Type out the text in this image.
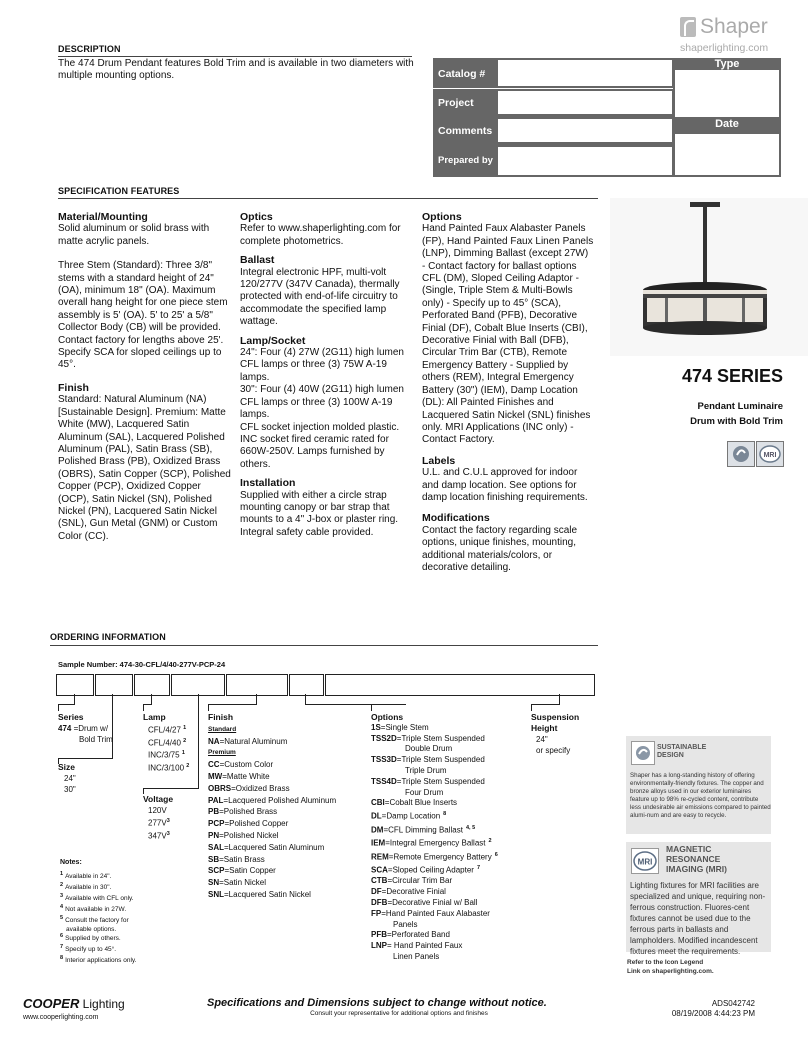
Shaper
shaperlighting.com
DESCRIPTION
The 474 Drum Pendant features Bold Trim and is available in two diameters with multiple mounting options.	Catalog #
Project
Comments
Prepared by
Type
Date
SPECIFICATION FEATURES
Material/Mounting

Solid aluminum or solid brass with matte acrylic panels.

Three Stem (Standard): Three 3/8" stems with a standard height of 24" (OA), minimum 18" (OA). Maximum overall hang height for one piece stem assembly is 5' (OA). 5' to 25' a 5/8" Collector Body (CB) will be provided. Contact factory for lengths above 25'. Specify SCA for sloped ceilings up to 45°.

Finish

Standard: Natural Aluminum (NA) [Sustainable Design]. Premium: Matte White (MW), Lacquered Satin Aluminum (SAL), Lacquered Polished Aluminum (PAL), Satin Brass (SB), Polished Brass (PB), Oxidized Brass (OBRS), Satin Copper (SCP), Polished Copper (PCP), Oxidized Copper (OCP), Satin Nickel (SN), Polished Nickel (PN), Lacquered Satin Nickel (SNL), Gun Metal (GNM) or Custom Color (CC).

Optics
Refer to www.shaperlighting.com for complete photometrics.
Ballast
Integral electronic HPF, multi-volt 120/277V (347V Canada), thermally protected with end-of-life circuitry to accommodate the specified lamp wattage.
Lamp/Socket
24": Four (4) 27W (2G11) high lumen CFL lamps or three (3) 75W A-19 lamps.
30": Four (4) 40W (2G11) high lumen CFL lamps or three (3) 100W A-19 lamps.
CFL socket injection molded plastic. INC socket fired ceramic rated for 660W-250V. Lamps furnished by others.
Installation
Supplied with either a circle strap mounting canopy or bar strap that mounts to a 4" J-box or plaster ring. Integral safety cable provided.
Options
Hand Painted Faux Alabaster Panels (FP), Hand Painted Faux Linen Panels (LNP), Dimming Ballast (except 27W) - Contact factory for ballast options CFL (DM), Sloped Ceiling Adaptor - (Single, Triple Stem & Multi-Bowls only) - Specify up to 45° (SCA), Perforated Band (PFB), Decorative Finial (DF), Cobalt Blue Inserts (CBI), Decorative Finial with Ball (DFB), Circular Trim Bar (CTB), Remote Emergency Battery - Supplied by others (REM), Integral Emergency Battery (30") (IEM), Damp Location (DL): All Painted Finishes and Lacquered Satin Nickel (SNL) finishes only. MRI Applications (INC only) - Contact Factory.
Labels
U.L. and C.U.L approved for indoor and damp location. See options for damp location finishing requirements.
Modifications
Contact the factory regarding scale options, unique finishes, mounting, additional materials/colors, or decorative detailing.
474 SERIES
Pendant Luminaire
Drum with Bold Trim
MRI
ORDERING INFORMATION
Sample Number: 474-30-CFL/4/40-277V-PCP-24
Series
474 =Drum w/
Bold Trim
Size
24"
30"
Lamp
CFL/4/27 $^1$
CFL/4/40 $^2$
INC/3/75 $^1$
INC/3/100 $^2$
Voltage
120V
$277V^3$
$347V^3$
Finish
Standard
NA=Natural Aluminum
Premium
CC=Custom Color
MW=Matte White
OBRS=Oxidized Brass
PAL=Lacquered Polished Aluminum
PB=Polished Brass
PCP=Polished Copper
PN=Polished Nickel
SAL=Lacquered Satin Aluminum
SB=Satin Brass
SCP=Satin Copper
SN=Satin Nickel
SNL=Lacquered Satin Nickel
Options
1S=Single Stem
TSS2D=Triple Stem Suspended
Double Drum
TSS3D=Triple Stem Suspended
Triple Drum
TSS4D=Triple Stem Suspended
Four Drum
CBI=Cobalt Blue Inserts
DL=Damp Location $^8$
DM=CFL Dimming Ballast $^{4, 5}$
IEM=Integral Emergency Ballast $^2$
REM=Remote Emergency Battery $^6$
SCA=Sloped Ceiling Adapter $^7$
CTB=Circular Trim Bar
DF=Decorative Finial
DFB=Decorative Finial w/ Ball
FP=Hand Painted Faux Alabaster
Panels
PFB=Perforated Band
LNP= Hand Painted Faux
Linen Panels
Suspension
Height
24"
or specify
Notes:
$^1$ Available in 24".
$^2$ Available in 30".
$^3$ Available with CFL only.
$^4$ Not available in 27W.
$^5$ Consult the factory for
available options.
$^6$ Supplied by others.
$^7$ Specify up to 45°.
$^8$ Interior applications only.
SUSTAINABLE
DESIGN
Shaper has a long-standing history of offering environmentally-friendly fixtures. The copper and bronze alloys used in our exterior luminaires feature up to 98% re-cycled content, contribute less undesirable air emissions compared to painted alumi-num and are easy to recycle.
MRI
MAGNETIC
RESONANCE
IMAGING (MRI)
Lighting fixtures for MRI facilities are specialized and unique, requiring non-ferrous construction. Fluores-cent fixtures cannot be used due to the ferrous parts in ballasts and lampholders. Modified incandescent fixtures meet the requirements.
Refer to the Icon Legend
Link on shaperlighting.com.
COOPER Lighting
www.cooperlighting.com
Specifications and Dimensions subject to change without notice.
Consult your representative for additional options and finishes
ADS042742
08/19/2008 4:44:23 PM
